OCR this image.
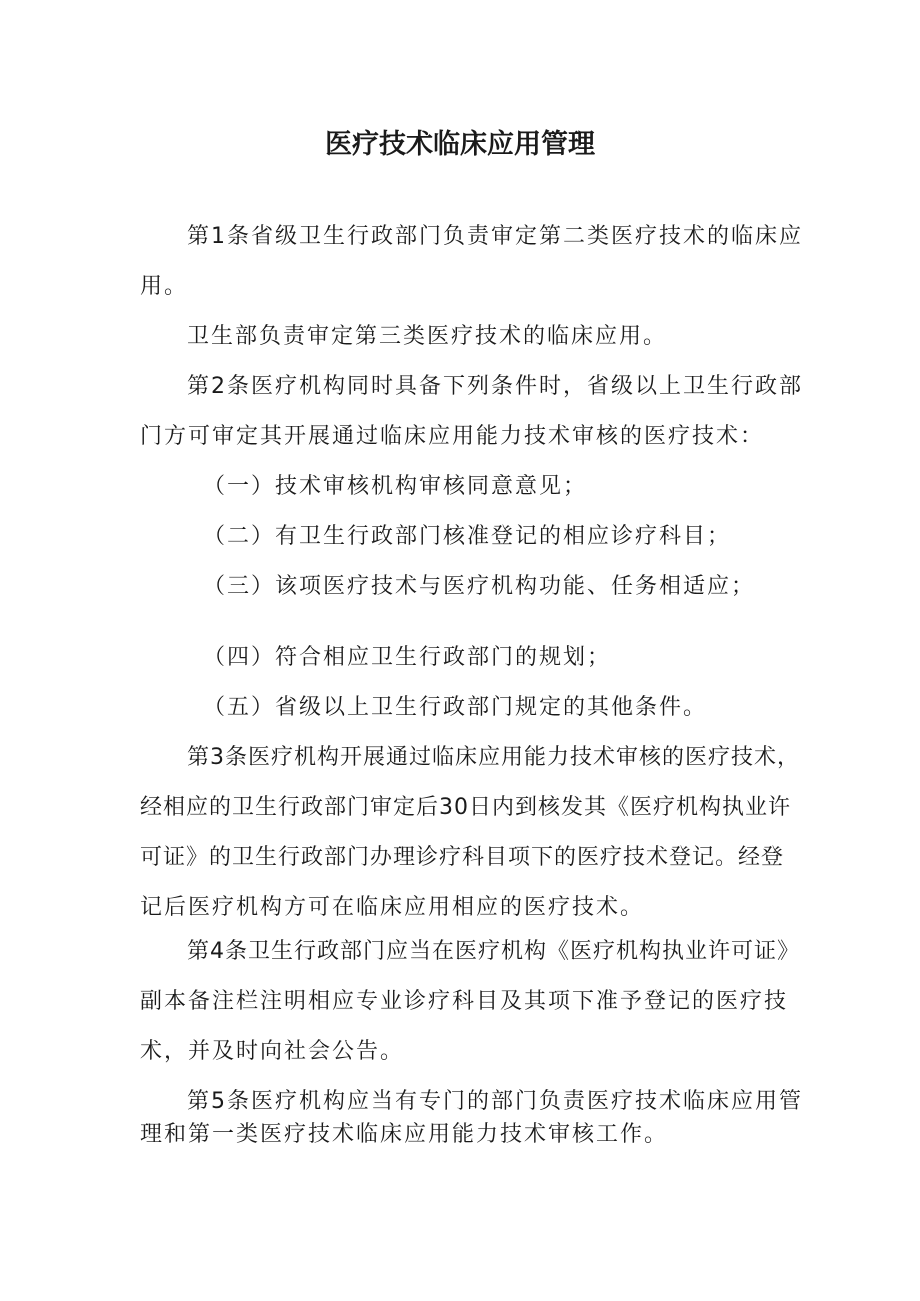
医疗技术临床应用管理
第1条省级卫生行政部门负责审定第二类医疗技术的临床应
用。
卫生部负责审定第三类医疗技术的临床应用。
第2条医疗机构同时具备下列条件时，省级以上卫生行政部
门方可审定其开展通过临床应用能力技术审核的医疗技术：
（一）技术审核机构审核同意意见；
（二）有卫生行政部门核准登记的相应诊疗科目；
（三）该项医疗技术与医疗机构功能、任务相适应；
（四）符合相应卫生行政部门的规划；
（五）省级以上卫生行政部门规定的其他条件。
第3条医疗机构开展通过临床应用能力技术审核的医疗技术，
经相应的卫生行政部门审定后30日内到核发其《医疗机构执业许
可证》的卫生行政部门办理诊疗科目项下的医疗技术登记。经登
记后医疗机构方可在临床应用相应的医疗技术。
第4条卫生行政部门应当在医疗机构《医疗机构执业许可证》
副本备注栏注明相应专业诊疗科目及其项下准予登记的医疗技
术，并及时向社会公告。
第5条医疗机构应当有专门的部门负责医疗技术临床应用管
理和第一类医疗技术临床应用能力技术审核工作。
